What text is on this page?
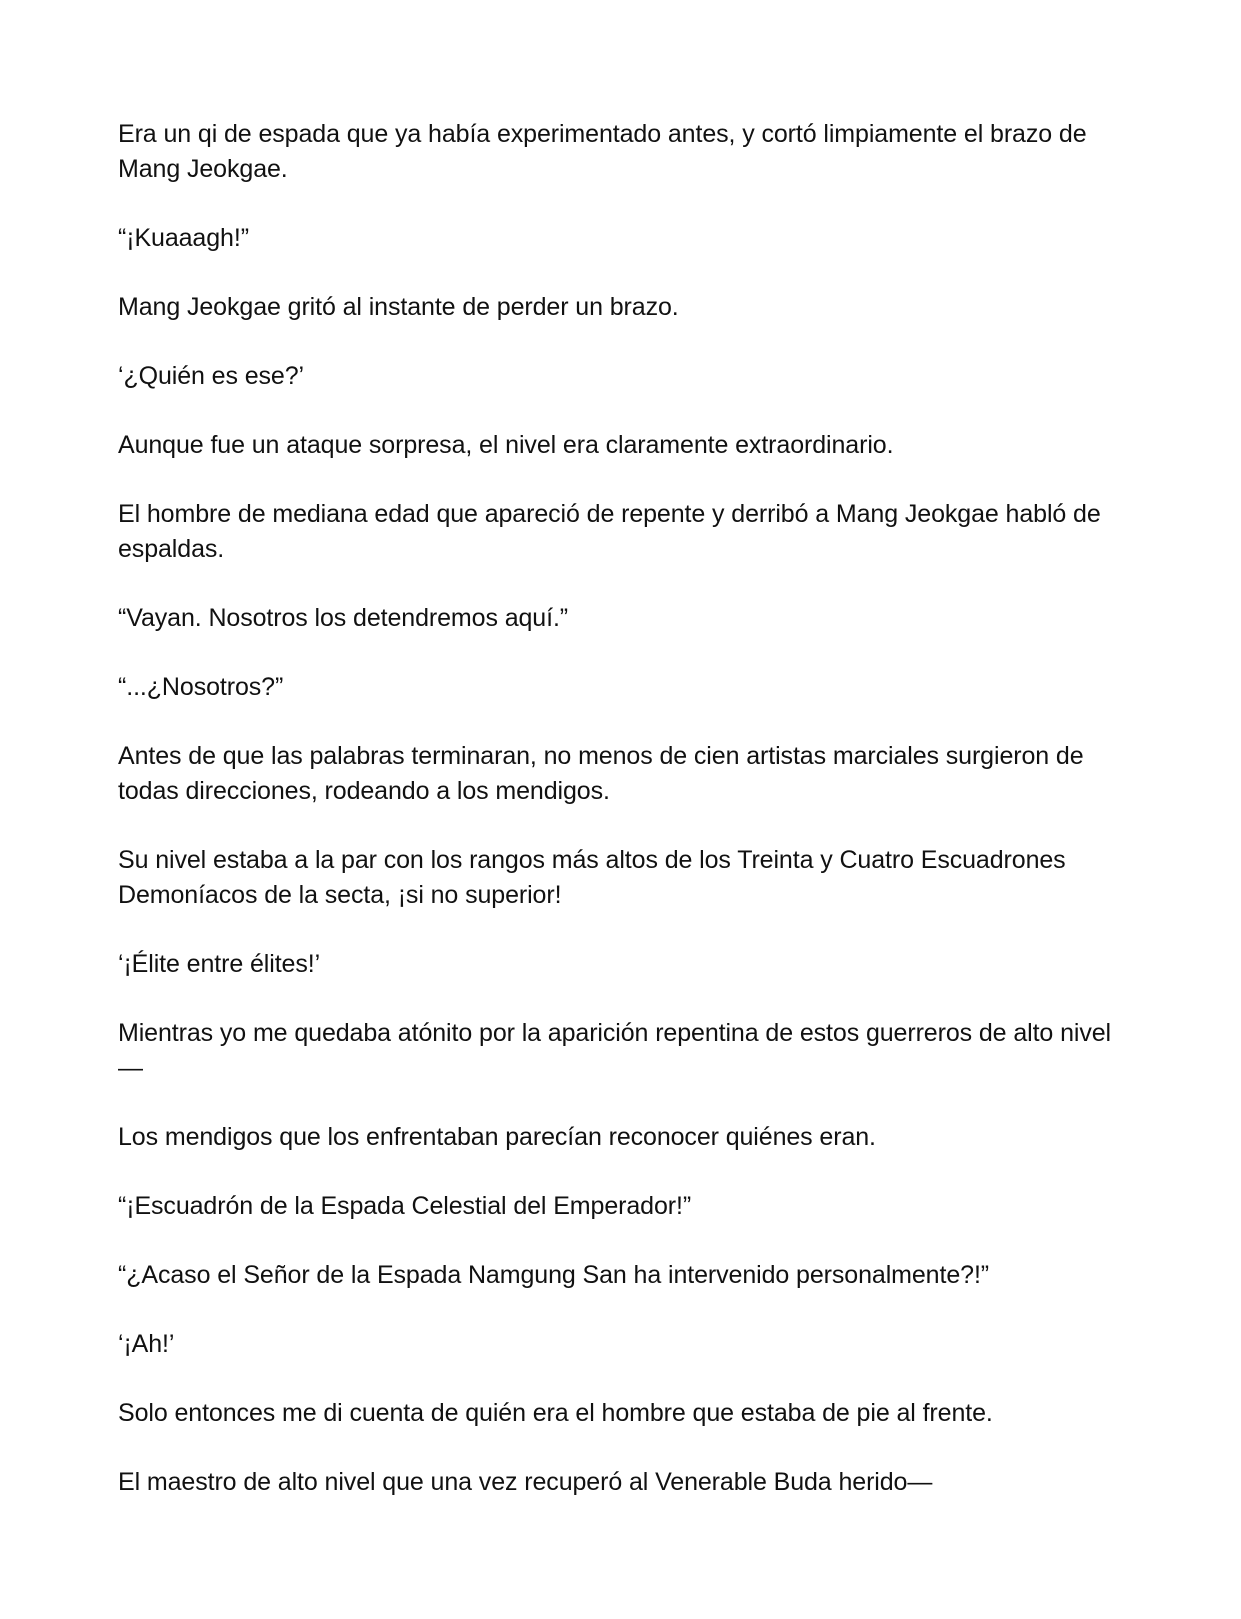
Era un qi de espada que ya había experimentado antes, y cortó limpiamente el brazo de Mang Jeokgae.

“¡Kuaaagh!”

Mang Jeokgae gritó al instante de perder un brazo.

‘¿Quién es ese?’

Aunque fue un ataque sorpresa, el nivel era claramente extraordinario.

El hombre de mediana edad que apareció de repente y derribó a Mang Jeokgae habló de espaldas.

“Vayan. Nosotros los detendremos aquí.”

“...¿Nosotros?”

Antes de que las palabras terminaran, no menos de cien artistas marciales surgieron de todas direcciones, rodeando a los mendigos.

Su nivel estaba a la par con los rangos más altos de los Treinta y Cuatro Escuadrones Demoníacos de la secta, ¡si no superior!

‘¡Élite entre élites!’

Mientras yo me quedaba atónito por la aparición repentina de estos guerreros de alto nivel—

Los mendigos que los enfrentaban parecían reconocer quiénes eran.

“¡Escuadrón de la Espada Celestial del Emperador!”

“¿Acaso el Señor de la Espada Namgung San ha intervenido personalmente?!”

‘¡Ah!’

Solo entonces me di cuenta de quién era el hombre que estaba de pie al frente.

El maestro de alto nivel que una vez recuperó al Venerable Buda herido—
